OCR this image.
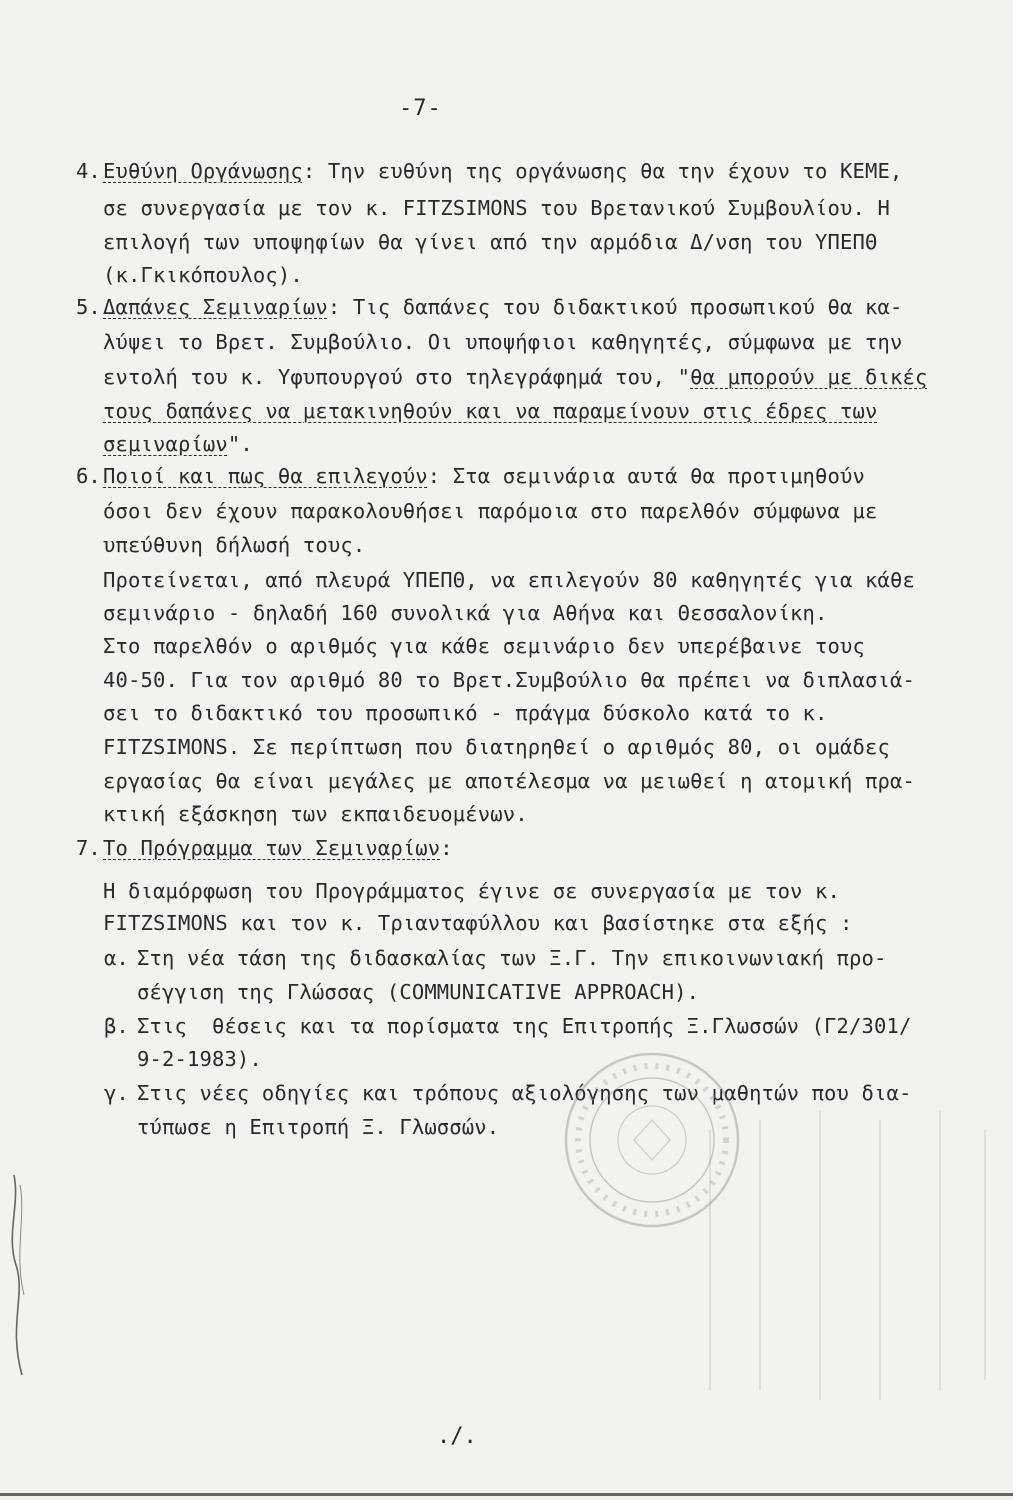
-7-
4. Ευθύνη Οργάνωσης: Την ευθύνη της οργάνωσης θα την έχουν το ΚΕΜΕ,
σε συνεργασία με τον κ. FITZSIMONS του Βρετανικού Συμβουλίου. Η
επιλογή των υποψηφίων θα γίνει από την αρμόδια Δ/νση του ΥΠΕΠΘ
(κ.Γκικόπουλος).
5. Δαπάνες Σεμιναρίων: Τις δαπάνες του διδακτικού προσωπικού θα κα-
λύψει το Βρετ. Συμβούλιο. Οι υποψήφιοι καθηγητές, σύμφωνα με την
εντολή του κ. Υφυπουργού στο τηλεγράφημά του, "θα μπορούν με δικές
τους δαπάνες να μετακινηθούν και να παραμείνουν στις έδρες των
σεμιναρίων".
6. Ποιοί και πως θα επιλεγούν: Στα σεμινάρια αυτά θα προτιμηθούν
όσοι δεν έχουν παρακολουθήσει παρόμοια στο παρελθόν σύμφωνα με
υπεύθυνη δήλωσή τους.
Προτείνεται, από πλευρά ΥΠΕΠΘ, να επιλεγούν 80 καθηγητές για κάθε
σεμινάριο - δηλαδή 160 συνολικά για Αθήνα και Θεσσαλονίκη.
Στο παρελθόν ο αριθμός για κάθε σεμινάριο δεν υπερέβαινε τους
40-50. Για τον αριθμό 80 το Βρετ.Συμβούλιο θα πρέπει να διπλασιά-
σει το διδακτικό του προσωπικό - πράγμα δύσκολο κατά το κ.
FITZSIMONS. Σε περίπτωση που διατηρηθεί ο αριθμός 80, οι ομάδες
εργασίας θα είναι μεγάλες με αποτέλεσμα να μειωθεί η ατομική πρα-
κτική εξάσκηση των εκπαιδευομένων.
7. Το Πρόγραμμα των Σεμιναρίων:
Η διαμόρφωση του Προγράμματος έγινε σε συνεργασία με τον κ.
FITZSIMONS και τον κ. Τριανταφύλλου και βασίστηκε στα εξής :
α. Στη νέα τάση της διδασκαλίας των Ξ.Γ. Την επικοινωνιακή προ-
σέγγιση της Γλώσσας (COMMUNICATIVE APPROACH).
β. Στις  θέσεις και τα πορίσματα της Επιτροπής Ξ.Γλωσσών (Γ2/301/
9-2-1983).
γ. Στις νέες οδηγίες και τρόπους αξιολόγησης των μαθητών που δια-
τύπωσε η Επιτροπή Ξ. Γλωσσών.
./.
